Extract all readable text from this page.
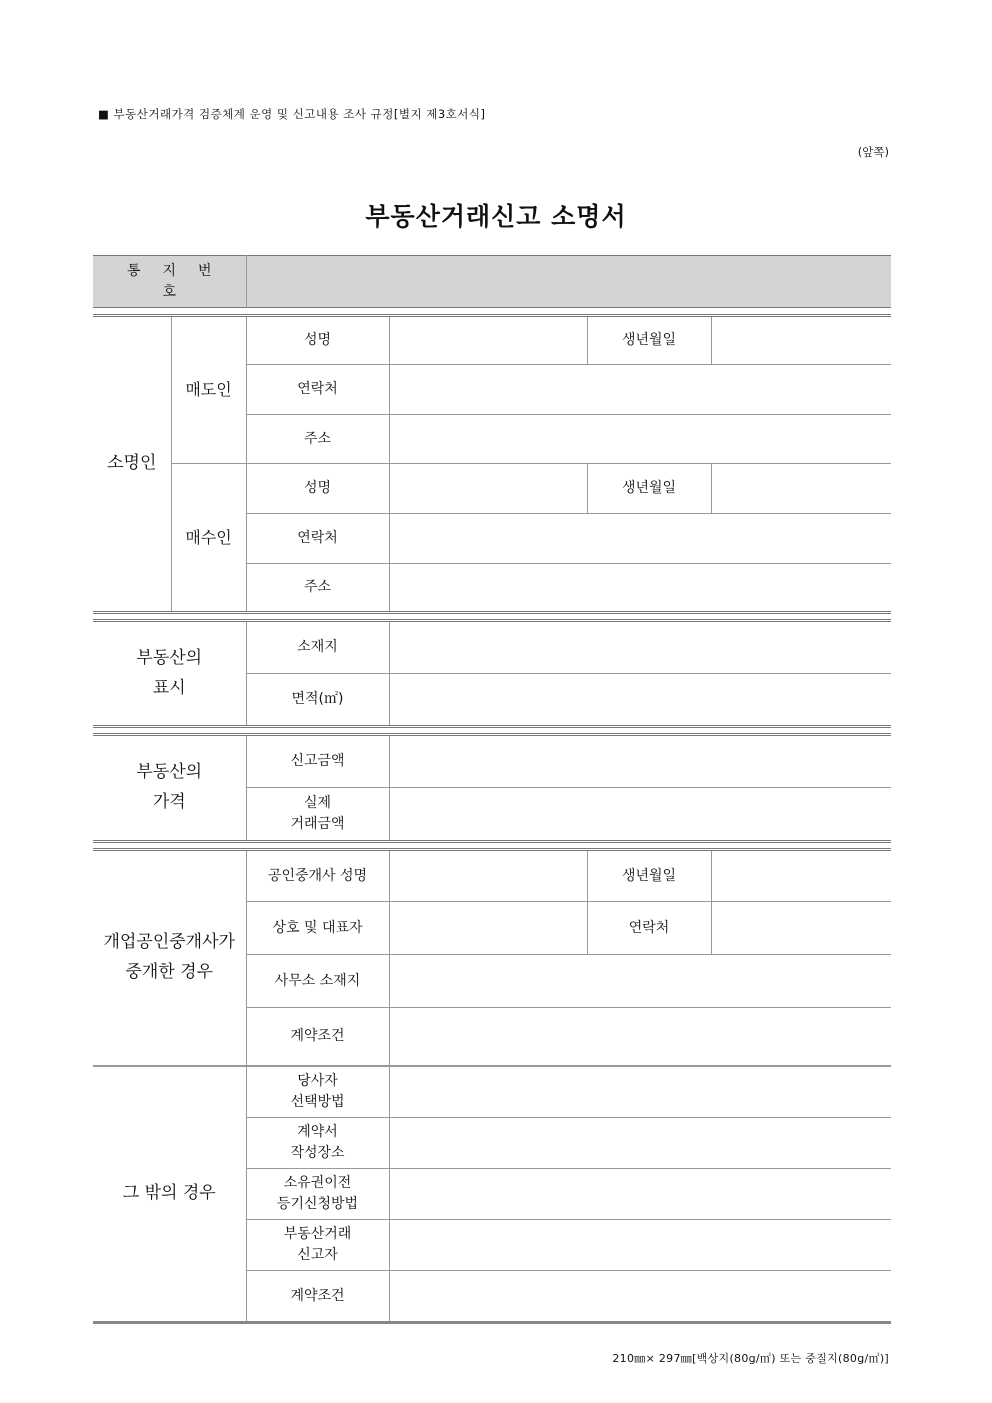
■ 부동산거래가격 검증체계 운영 및 신고내용 조사 규정[별지 제3호서식]
(앞쪽)
부동산거래신고 소명서
통지번호	
소명인	매도인	성명		생년월일	
		연락처			
		주소			
	매수인	성명		생년월일	
		연락처			
		주소			
부동산의
표시	소재지	
	면적(㎡)	
부동산의
가격	신고금액	

	실제
거래금액	

개업공인중개사가
중개한 경우	공인중개사 성명		생년월일	
	상호 및 대표자		연락처	
	사무소 소재지			
	계약조건			
그 밖의 경우	당사자
선택방법	

	계약서
작성장소	

	소유권이전
등기신청방법	

	부동산거래
신고자	

	계약조건	
210㎜× 297㎜[백상지(80g/㎡) 또는 중질지(80g/㎡)]
